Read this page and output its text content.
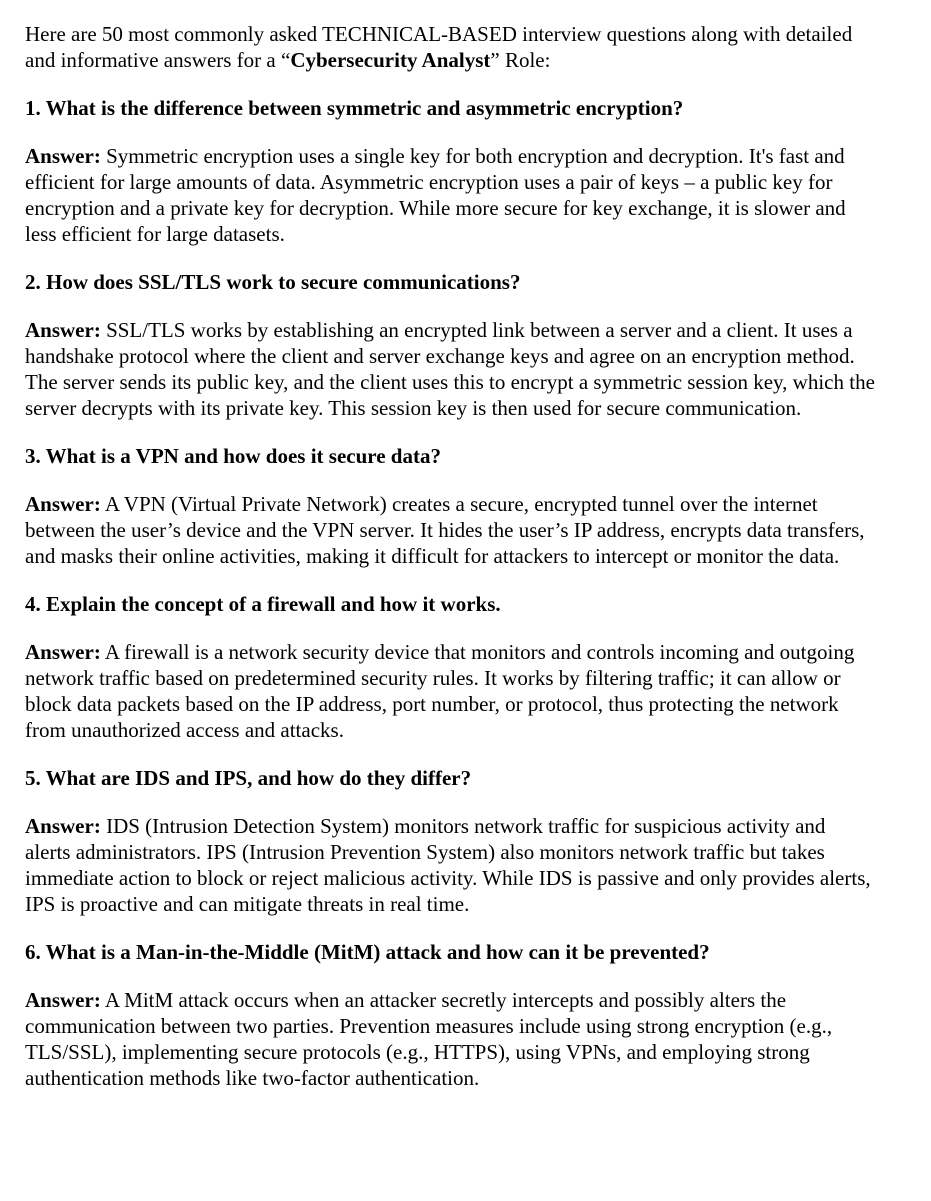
Here are 50 most commonly asked TECHNICAL-BASED interview questions along with detailed and informative answers for a “Cybersecurity Analyst” Role:

1. What is the difference between symmetric and asymmetric encryption?

Answer: Symmetric encryption uses a single key for both encryption and decryption. It's fast and efficient for large amounts of data. Asymmetric encryption uses a pair of keys – a public key for encryption and a private key for decryption. While more secure for key exchange, it is slower and less efficient for large datasets.

2. How does SSL/TLS work to secure communications?

Answer: SSL/TLS works by establishing an encrypted link between a server and a client. It uses a handshake protocol where the client and server exchange keys and agree on an encryption method. The server sends its public key, and the client uses this to encrypt a symmetric session key, which the server decrypts with its private key. This session key is then used for secure communication.

3. What is a VPN and how does it secure data?

Answer: A VPN (Virtual Private Network) creates a secure, encrypted tunnel over the internet between the user’s device and the VPN server. It hides the user’s IP address, encrypts data transfers, and masks their online activities, making it difficult for attackers to intercept or monitor the data.

4. Explain the concept of a firewall and how it works.

Answer: A firewall is a network security device that monitors and controls incoming and outgoing network traffic based on predetermined security rules. It works by filtering traffic; it can allow or block data packets based on the IP address, port number, or protocol, thus protecting the network from unauthorized access and attacks.

5. What are IDS and IPS, and how do they differ?

Answer: IDS (Intrusion Detection System) monitors network traffic for suspicious activity and alerts administrators. IPS (Intrusion Prevention System) also monitors network traffic but takes immediate action to block or reject malicious activity. While IDS is passive and only provides alerts, IPS is proactive and can mitigate threats in real time.

6. What is a Man-in-the-Middle (MitM) attack and how can it be prevented?

Answer: A MitM attack occurs when an attacker secretly intercepts and possibly alters the communication between two parties. Prevention measures include using strong encryption (e.g., TLS/SSL), implementing secure protocols (e.g., HTTPS), using VPNs, and employing strong authentication methods like two-factor authentication.
